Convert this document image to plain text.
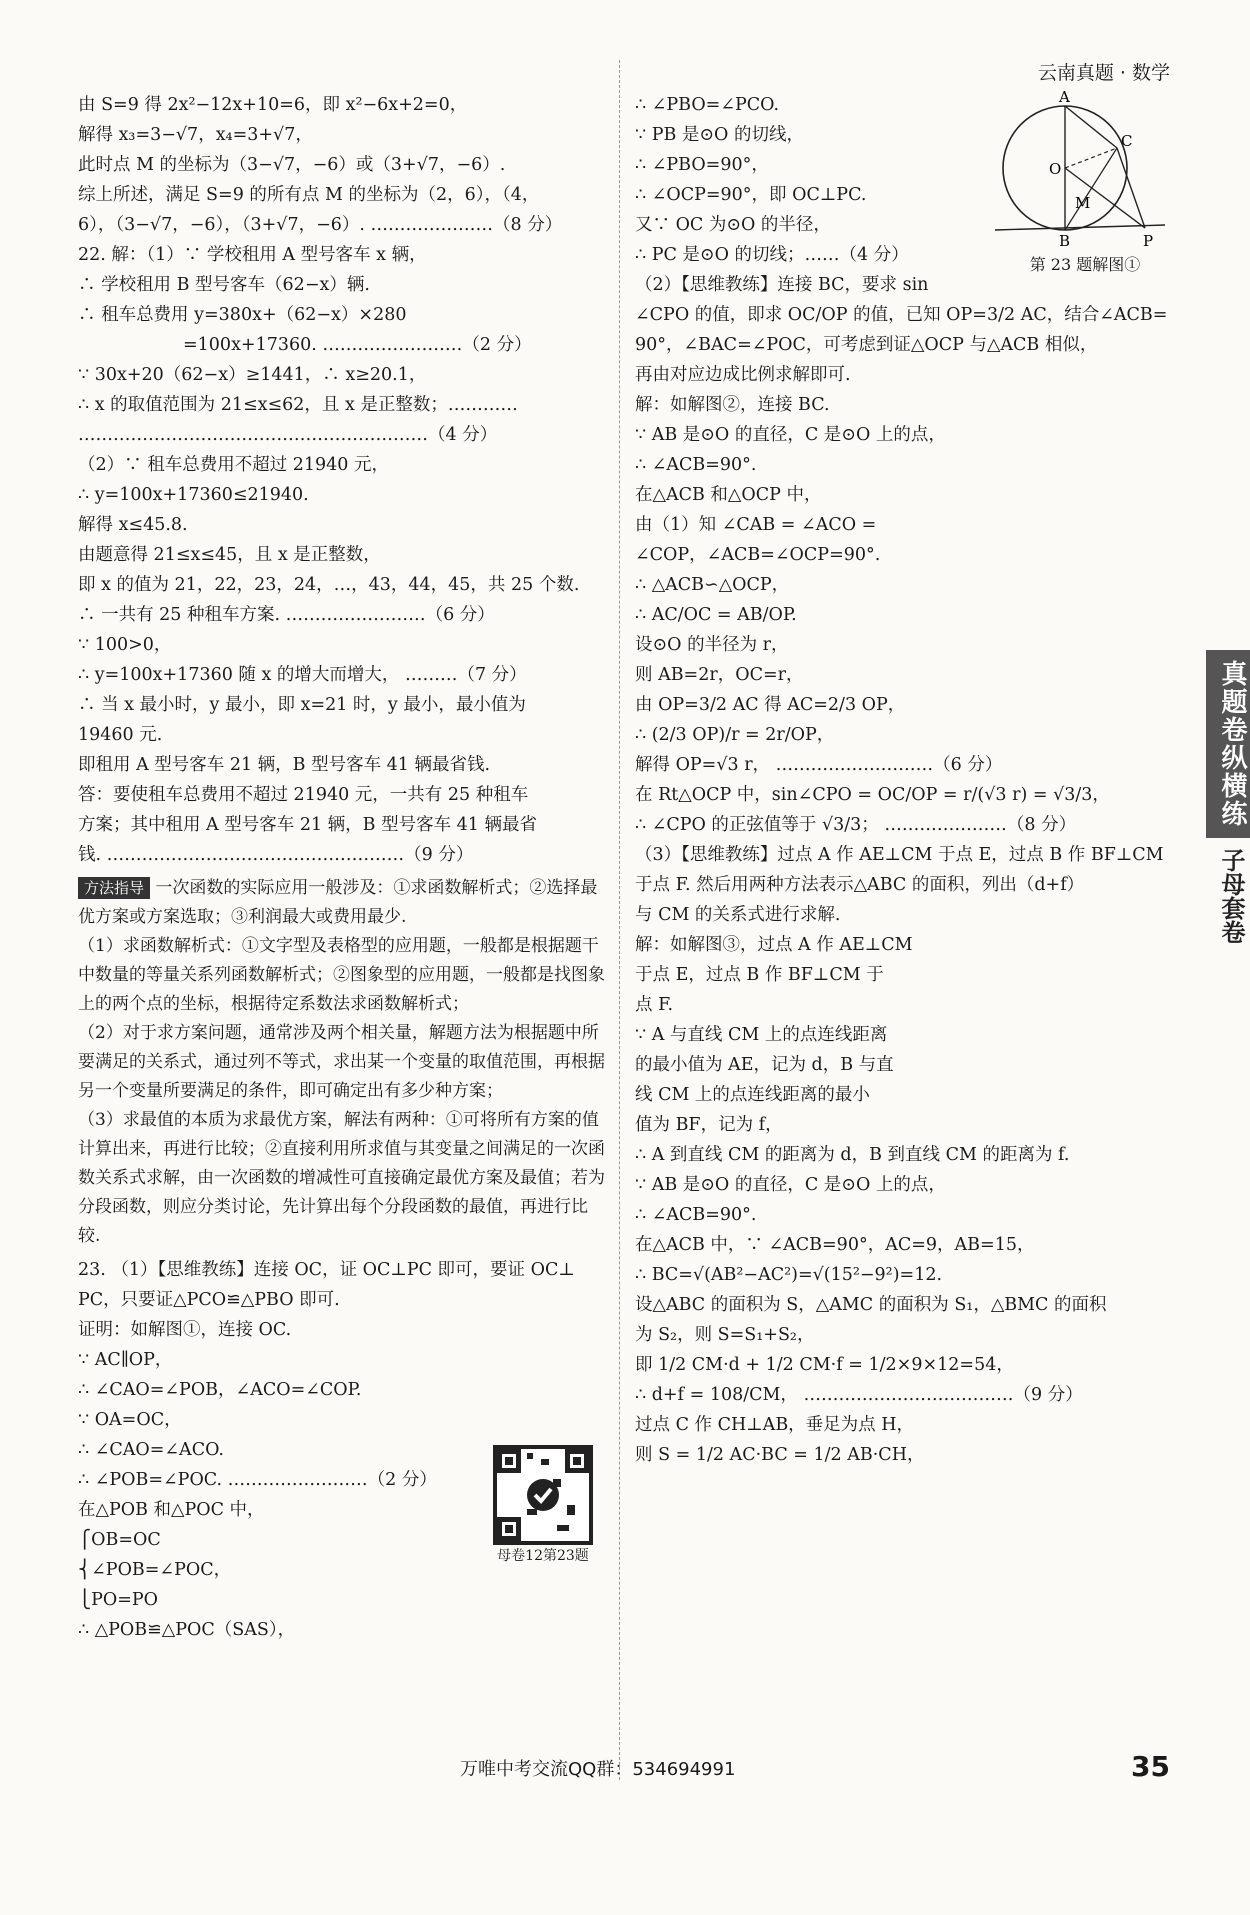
云南真题 · 数学
由 S=9 得 2x²−12x+10=6，即 x²−6x+2=0，
解得 x₃=3−√7，x₄=3+√7，
此时点 M 的坐标为（3−√7，−6）或（3+√7，−6）.
综上所述，满足 S=9 的所有点 M 的坐标为（2，6），（4，
6），（3−√7，−6），（3+√7，−6）. …………………（8 分）
22. 解：（1）∵ 学校租用 A 型号客车 x 辆，
∴ 学校租用 B 型号客车（62−x）辆.
∴ 租车总费用 y=380x+（62−x）×280
　　　　　　=100x+17360. ……………………（2 分）
∵ 30x+20（62−x）≥1441，∴ x≥20.1，
∴ x 的取值范围为 21≤x≤62，且 x 是正整数；…………
……………………………………………………（4 分）
（2）∵ 租车总费用不超过 21940 元，
∴ y=100x+17360≤21940.
解得 x≤45.8.
由题意得 21≤x≤45，且 x 是正整数，
即 x 的值为 21，22，23，24，…，43，44，45，共 25 个数.
∴ 一共有 25 种租车方案. ……………………（6 分）
∵ 100>0，
∴ y=100x+17360 随 x 的增大而增大， ………（7 分）
∴ 当 x 最小时，y 最小，即 x=21 时，y 最小，最小值为
19460 元.
即租用 A 型号客车 21 辆，B 型号客车 41 辆最省钱.
答：要使租车总费用不超过 21940 元，一共有 25 种租车
方案；其中租用 A 型号客车 21 辆，B 型号客车 41 辆最省
钱. ……………………………………………（9 分）
方法指导 一次函数的实际应用一般涉及：①求函数解析式；②选择最优方案或方案选取；③利润最大或费用最少.
（1）求函数解析式：①文字型及表格型的应用题，一般都是根据题干中数量的等量关系列函数解析式；②图象型的应用题，一般都是找图象上的两个点的坐标，根据待定系数法求函数解析式；
（2）对于求方案问题，通常涉及两个相关量，解题方法为根据题中所要满足的关系式，通过列不等式，求出某一个变量的取值范围，再根据另一个变量所要满足的条件，即可确定出有多少种方案；
（3）求最值的本质为求最优方案，解法有两种：①可将所有方案的值计算出来，再进行比较；②直接利用所求值与其变量之间满足的一次函数关系式求解，由一次函数的增减性可直接确定最优方案及最值；若为分段函数，则应分类讨论，先计算出每个分段函数的最值，再进行比较.
23. （1）【思维教练】连接 OC，证 OC⊥PC 即可，要证 OC⊥
PC，只要证△PCO≌△PBO 即可.
证明：如解图①，连接 OC.
∵ AC∥OP，
∴ ∠CAO=∠POB，∠ACO=∠COP.
∵ OA=OC，
∴ ∠CAO=∠ACO.
∴ ∠POB=∠POC. ……………………（2 分）
在△POB 和△POC 中，
⎧OB=OC
⎨∠POB=∠POC，
⎩PO=PO
∴ △POB≌△POC（SAS），
母卷12第23题
A
O
C
M
B	P
第 23 题解图①
∴ ∠PBO=∠PCO.
∵ PB 是⊙O 的切线，
∴ ∠PBO=90°，
∴ ∠OCP=90°，即 OC⊥PC.
又∵ OC 为⊙O 的半径，
∴ PC 是⊙O 的切线；……（4 分）
（2）【思维教练】连接 BC，要求 sin
∠CPO 的值，即求 OC/OP 的值，已知 OP=3/2 AC，结合∠ACB=
90°，∠BAC=∠POC，可考虑到证△OCP 与△ACB 相似，
再由对应边成比例求解即可.
解：如解图②，连接 BC.
∵ AB 是⊙O 的直径，C 是⊙O 上的点，
∴ ∠ACB=90°.
在△ACB 和△OCP 中，
由（1）知 ∠CAB = ∠ACO =
∠COP，∠ACB=∠OCP=90°.
∴ △ACB∽△OCP，
∴ AC/OC = AB/OP.
设⊙O 的半径为 r，
则 AB=2r，OC=r，
由 OP=3/2 AC 得 AC=2/3 OP，
∴ (2/3 OP)/r = 2r/OP，
解得 OP=√3 r， ………………………（6 分）
在 Rt△OCP 中，sin∠CPO = OC/OP = r/(√3 r) = √3/3，
∴ ∠CPO 的正弦值等于 √3/3； …………………（8 分）
（3）【思维教练】过点 A 作 AE⊥CM 于点 E，过点 B 作 BF⊥CM
于点 F. 然后用两种方法表示△ABC 的面积，列出（d+f）
与 CM 的关系式进行求解.
解：如解图③，过点 A 作 AE⊥CM
于点 E，过点 B 作 BF⊥CM 于
点 F.
∵ A 与直线 CM 上的点连线距离
的最小值为 AE，记为 d，B 与直
线 CM 上的点连线距离的最小
值为 BF，记为 f，
∴ A 到直线 CM 的距离为 d，B 到直线 CM 的距离为 f.
∵ AB 是⊙O 的直径，C 是⊙O 上的点，
∴ ∠ACB=90°.
在△ACB 中，∵ ∠ACB=90°，AC=9，AB=15，
∴ BC=√(AB²−AC²)=√(15²−9²)=12.
设△ABC 的面积为 S，△AMC 的面积为 S₁，△BMC 的面积
为 S₂，则 S=S₁+S₂，
即 1/2 CM·d + 1/2 CM·f = 1/2×9×12=54，
∴ d+f = 108/CM， ………………………………（9 分）
过点 C 作 CH⊥AB，垂足为点 H，
则 S = 1/2 AC·BC = 1/2 AB·CH，
真题卷纵横练
子母套卷
万唯中考交流QQ群：534694991	35
